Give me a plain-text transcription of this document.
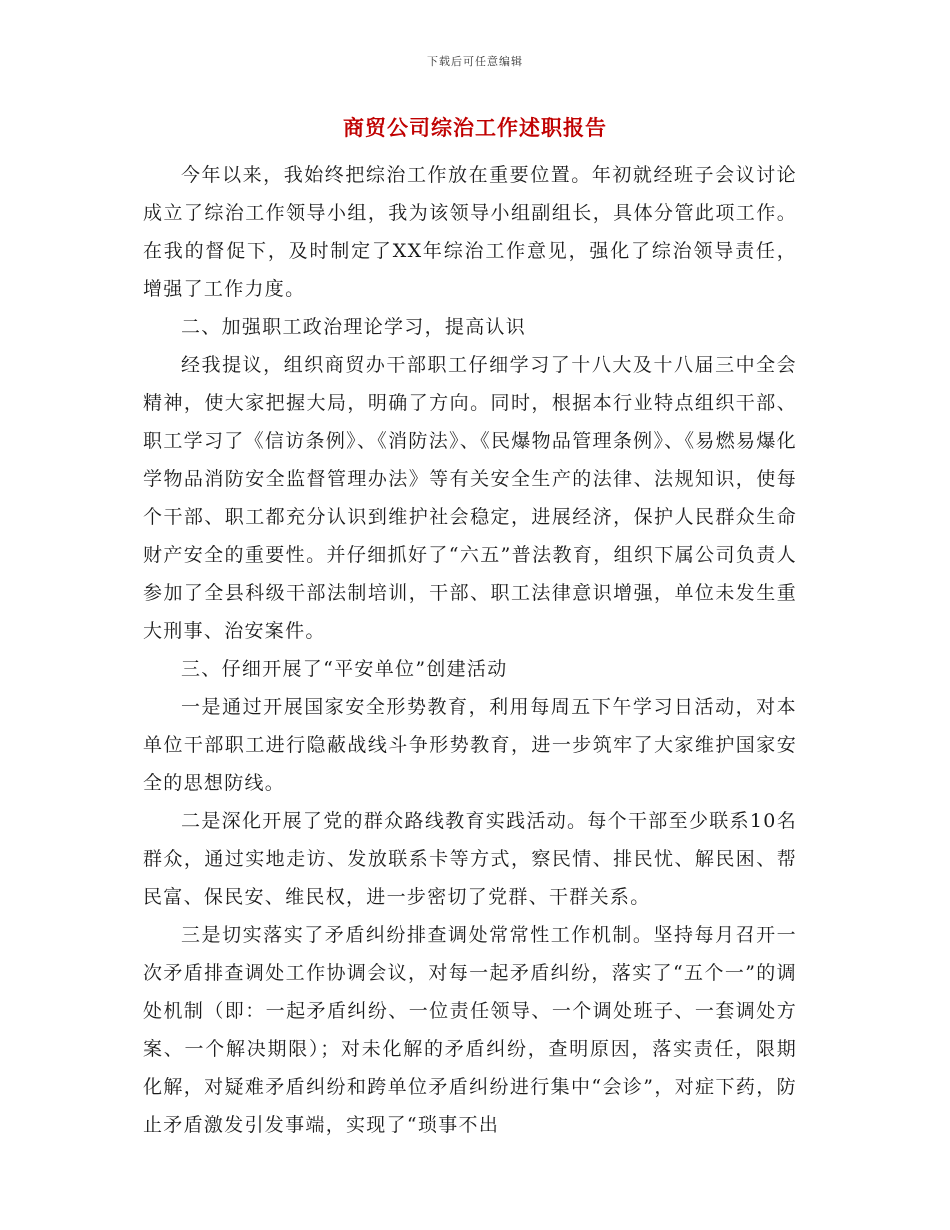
下载后可任意编辑
商贸公司综治工作述职报告

今年以来，我始终把综治工作放在重要位置。年初就经班子会议讨论成立了综治工作领导小组，我为该领导小组副组长，具体分管此项工作。在我的督促下，及时制定了XX年综治工作意见，强化了综治领导责任，增强了工作力度。

二、加强职工政治理论学习，提高认识

经我提议，组织商贸办干部职工仔细学习了十八大及十八届三中全会精神，使大家把握大局，明确了方向。同时，根据本行业特点组织干部、职工学习了《信访条例》、《消防法》、《民爆物品管理条例》、《易燃易爆化学物品消防安全监督管理办法》等有关安全生产的法律、法规知识，使每个干部、职工都充分认识到维护社会稳定，进展经济，保护人民群众生命财产安全的重要性。并仔细抓好了“六五”普法教育，组织下属公司负责人参加了全县科级干部法制培训，干部、职工法律意识增强，单位未发生重大刑事、治安案件。

三、仔细开展了“平安单位”创建活动

一是通过开展国家安全形势教育，利用每周五下午学习日活动，对本单位干部职工进行隐蔽战线斗争形势教育，进一步筑牢了大家维护国家安全的思想防线。

二是深化开展了党的群众路线教育实践活动。每个干部至少联系10名群众，通过实地走访、发放联系卡等方式，察民情、排民忧、解民困、帮民富、保民安、维民权，进一步密切了党群、干群关系。

三是切实落实了矛盾纠纷排查调处常常性工作机制。坚持每月召开一次矛盾排查调处工作协调会议，对每一起矛盾纠纷，落实了“五个一”的调处机制（即：一起矛盾纠纷、一位责任领导、一个调处班子、一套调处方案、一个解决期限）；对未化解的矛盾纠纷，查明原因，落实责任，限期化解，对疑难矛盾纠纷和跨单位矛盾纠纷进行集中“会诊”，对症下药，防止矛盾激发引发事端，实现了“琐事不出
